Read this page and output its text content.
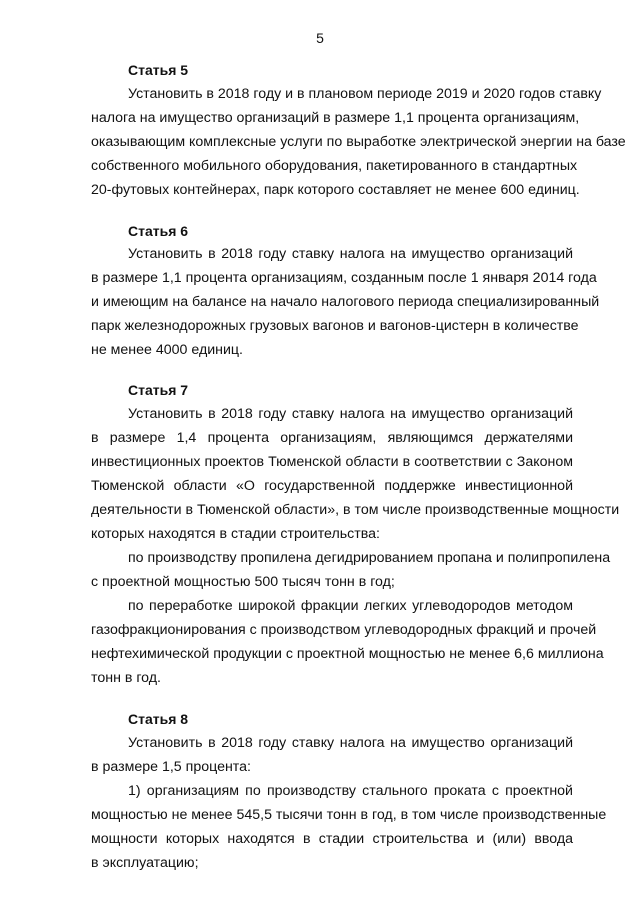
5
Статья 5
Установить в 2018 году и в плановом периоде 2019 и 2020 годов ставку
налога на имущество организаций в размере 1,1 процента организациям,
оказывающим комплексные услуги по выработке электрической энергии на базе
собственного мобильного оборудования, пакетированного в стандартных
20-футовых контейнерах, парк которого составляет не менее 600 единиц.
Статья 6
Установить в 2018 году ставку налога на имущество организаций
в размере 1,1 процента организациям, созданным после 1 января 2014 года
и имеющим на балансе на начало налогового периода специализированный
парк железнодорожных грузовых вагонов и вагонов-цистерн в количестве
не менее 4000 единиц.
Статья 7
Установить в 2018 году ставку налога на имущество организаций
в размере 1,4 процента организациям, являющимся держателями
инвестиционных проектов Тюменской области в соответствии с Законом
Тюменской области «О государственной поддержке инвестиционной
деятельности в Тюменской области», в том числе производственные мощности
которых находятся в стадии строительства:
по производству пропилена дегидрированием пропана и полипропилена
с проектной мощностью 500 тысяч тонн в год;
по переработке широкой фракции легких углеводородов методом
газофракционирования с производством углеводородных фракций и прочей
нефтехимической продукции с проектной мощностью не менее 6,6 миллиона
тонн в год.
Статья 8
Установить в 2018 году ставку налога на имущество организаций
в размере 1,5 процента:
1) организациям по производству стального проката с проектной
мощностью не менее 545,5 тысячи тонн в год, в том числе производственные
мощности которых находятся в стадии строительства и (или) ввода
в эксплуатацию;
